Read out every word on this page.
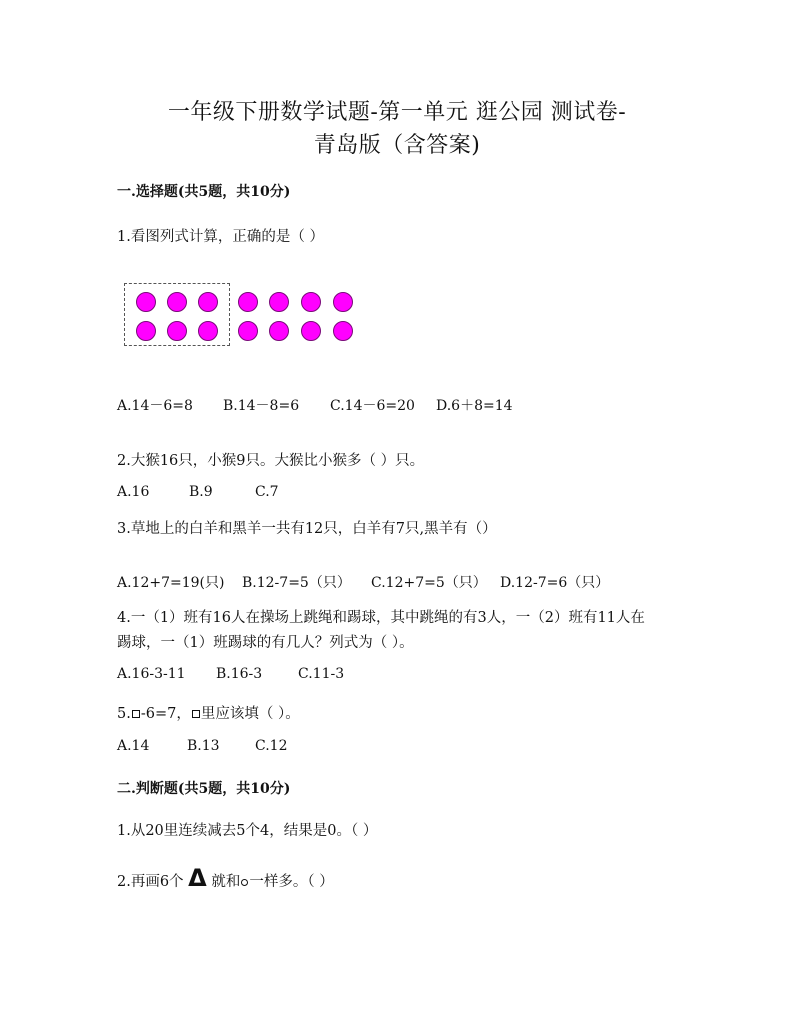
一年级下册数学试题-第一单元 逛公园 测试卷-
青岛版（含答案)
一.选择题(共5题，共10分)
1.看图列式计算，正确的是（ ）
A.14－6=8 B.14－8=6 C.14－6=20 D.6＋8=14
2.大猴16只，小猴9只。大猴比小猴多（ ）只。
A.16	B.9	C.7
3.草地上的白羊和黑羊一共有12只，白羊有7只,黑羊有（）
A.12+7=19(只) B.12-7=5（只） C.12+7=5（只） D.12-7=6（只）
4.一（1）班有16人在操场上跳绳和踢球，其中跳绳的有3人，一（2）班有11人在
踢球，一（1）班踢球的有几人？列式为（ ）。
A.16-3-11 B.16-3	C.11-3
5. -6=7， 里应该填（ ）。
A.14	B.13	C.12
二.判断题(共5题，共10分)
1.从20里连续减去5个4，结果是0。（ ）
2.再画6个 Δ 就和 一样多。（ ）
